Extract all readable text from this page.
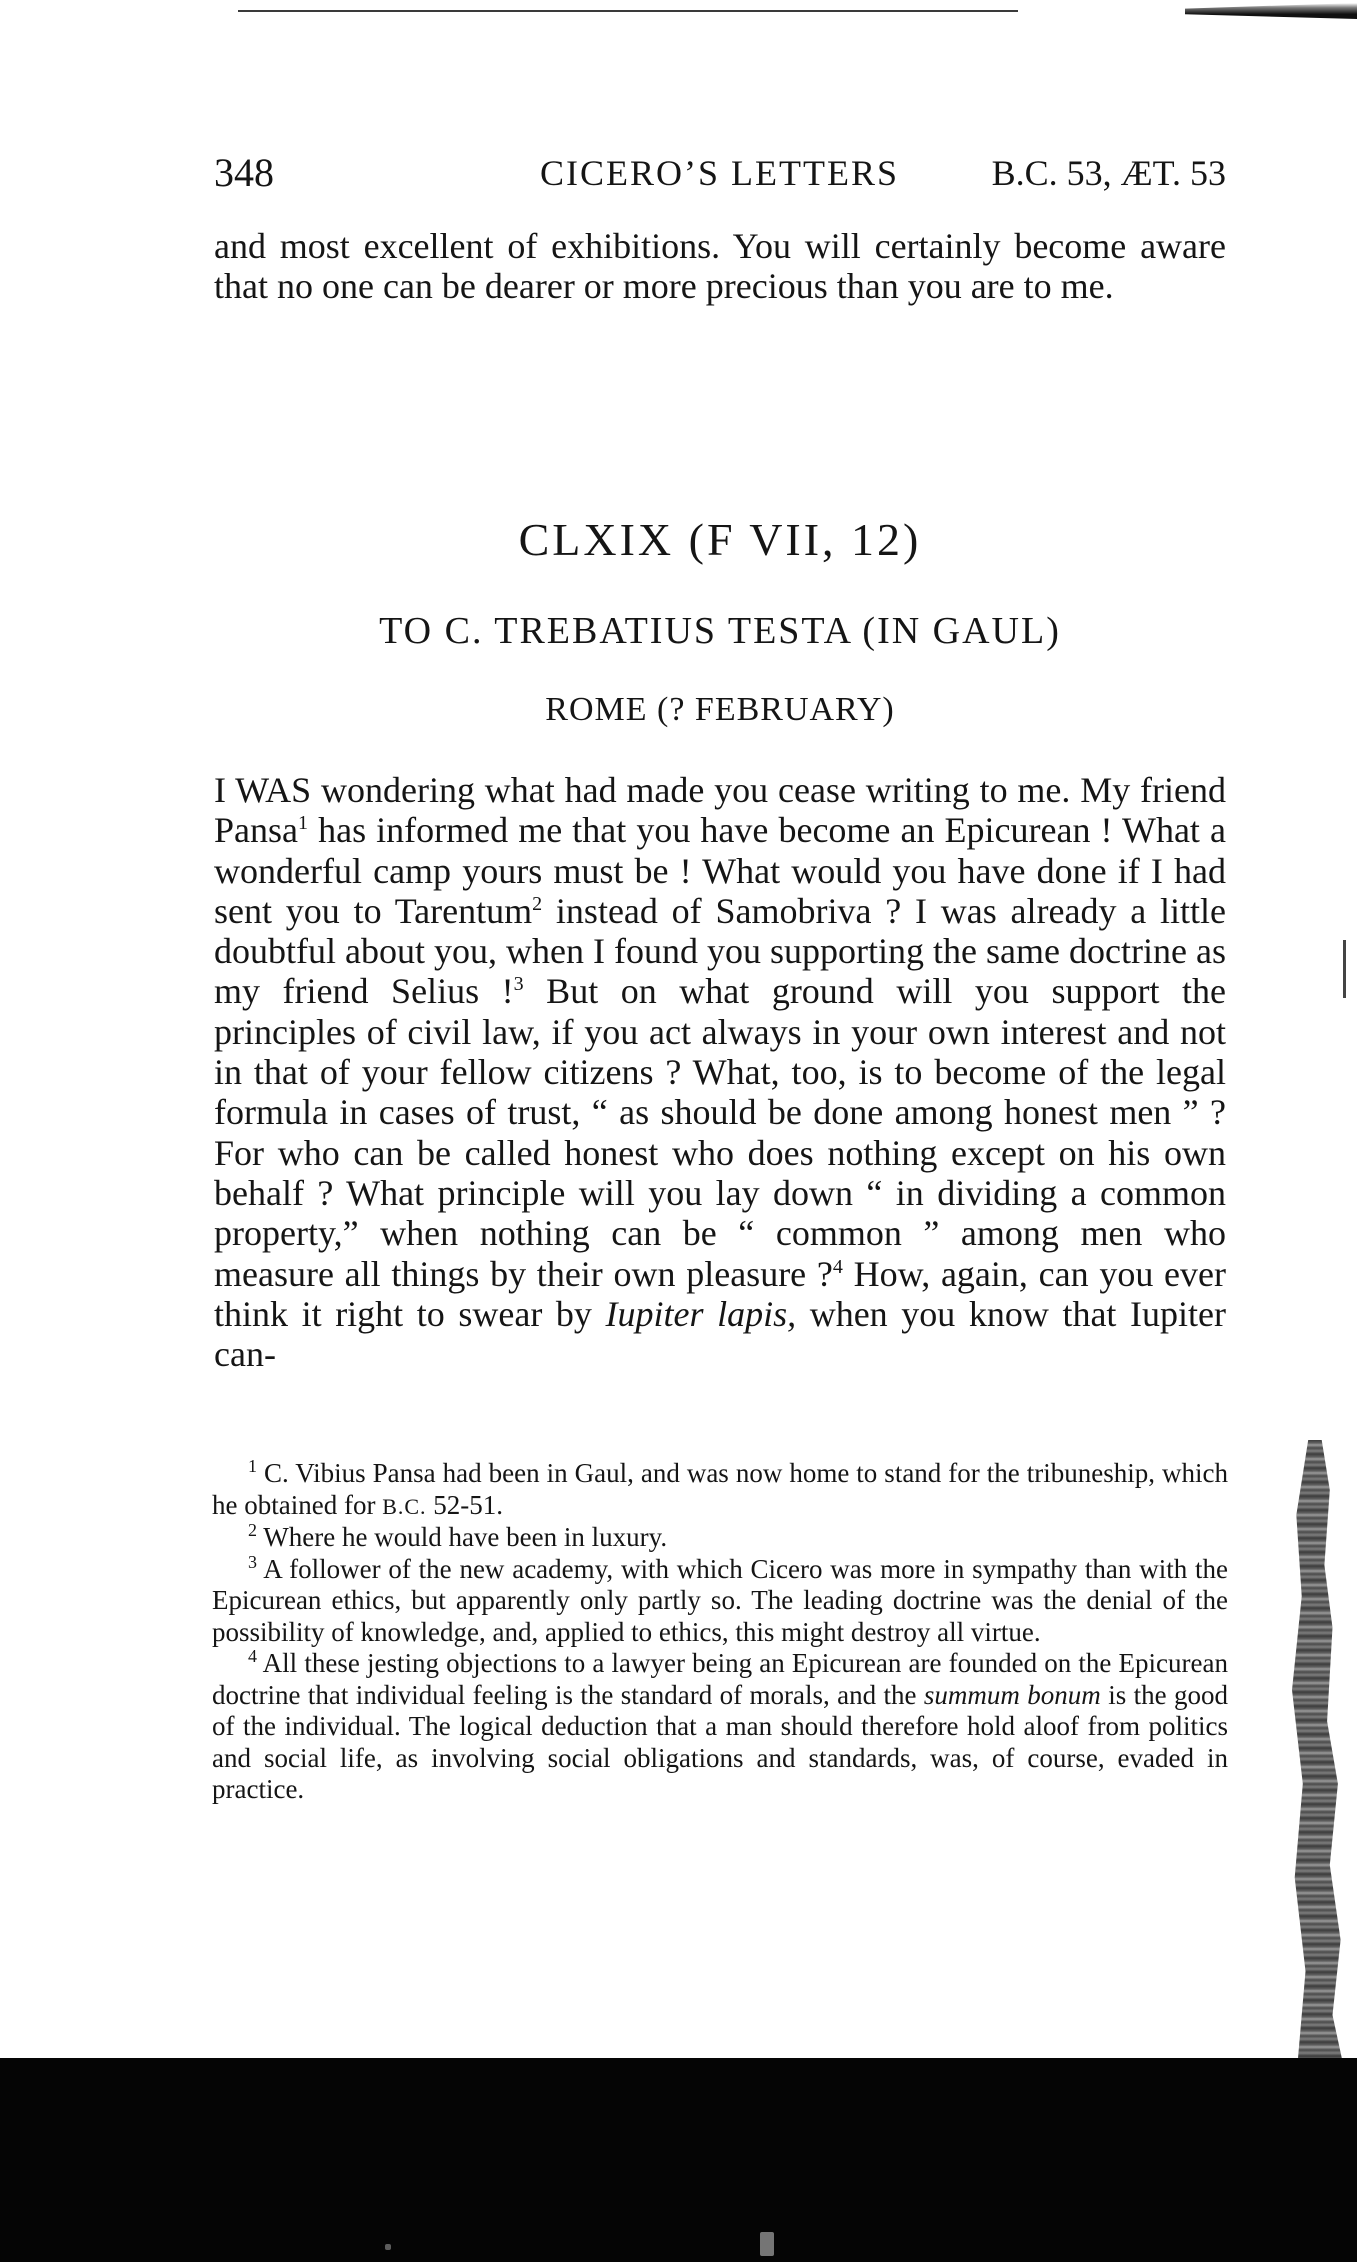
348	CICERO’S LETTERS	B.C. 53, ÆT. 53

and most excellent of exhibitions. You will certainly become aware that no one can be dearer or more precious than you are to me.

CLXIX (F VII, 12)
TO C. TREBATIUS TESTA (IN GAUL)
ROME (? FEBRUARY)

I WAS wondering what had made you cease writing to me. My friend Pansa$^1$ has informed me that you have become an Epicurean ! What a wonderful camp yours must be ! What would you have done if I had sent you to Tarentum$^2$ instead of Samobriva ? I was already a little doubtful about you, when I found you supporting the same doctrine as my friend Selius !$^3$ But on what ground will you support the principles of civil law, if you act always in your own interest and not in that of your fellow citizens ? What, too, is to become of the legal formula in cases of trust, “ as should be done among honest men ” ? For who can be called honest who does nothing except on his own behalf ? What principle will you lay down “ in dividing a common property,” when nothing can be “ common ” among men who measure all things by their own pleasure ?$^4$ How, again, can you ever think it right to swear by Iupiter lapis, when you know that Iupiter can-

$^1$ C. Vibius Pansa had been in Gaul, and was now home to stand for the tribuneship, which he obtained for B.C. 52-51.

$^2$ Where he would have been in luxury.

$^3$ A follower of the new academy, with which Cicero was more in sympathy than with the Epicurean ethics, but apparently only partly so. The leading doctrine was the denial of the possibility of knowledge, and, applied to ethics, this might destroy all virtue.

$^4$ All these jesting objections to a lawyer being an Epicurean are founded on the Epicurean doctrine that individual feeling is the standard of morals, and the summum bonum is the good of the individual. The logical deduction that a man should therefore hold aloof from politics and social life, as involving social obligations and standards, was, of course, evaded in practice.
